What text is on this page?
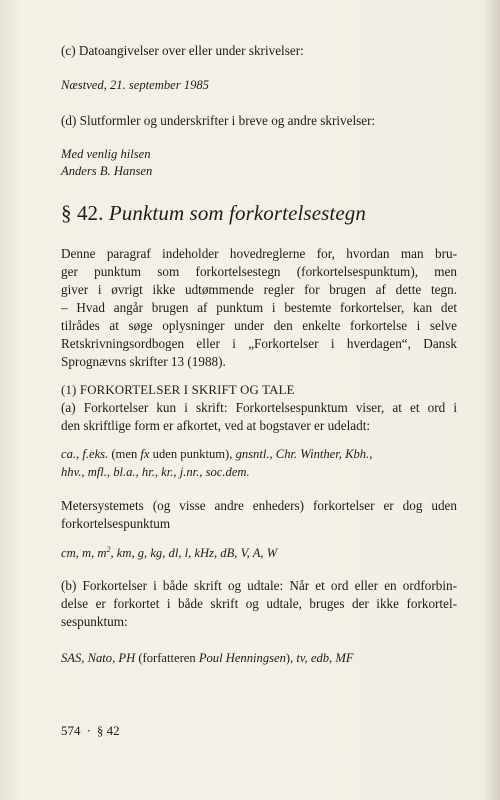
(c) Datoangivelser over eller under skrivelser:

Næstved, 21. september 1985

(d) Slutformler og underskrifter i breve og andre skrivelser:

Med venlig hilsen

Anders B. Hansen

§ 42. Punktum som forkortelsestegn
Denne paragraf indeholder hovedreglerne for, hvordan man bru-
ger punktum som forkortelsestegn (forkortelsespunktum), men
giver i øvrigt ikke udtømmende regler for brugen af dette tegn.
– Hvad angår brugen af punktum i bestemte forkortelser, kan det
tilrådes at søge oplysninger under den enkelte forkortelse i selve
Retskrivningsordbogen eller i „Forkortelser i hverdagen“, Dansk
Sprognævns skrifter 13 (1988).
(1) FORKORTELSER I SKRIFT OG TALE
(a) Forkortelser kun i skrift: Forkortelsespunktum viser, at et ord i
den skriftlige form er afkortet, ved at bogstaver er udeladt:
ca., f.eks. (men fx uden punktum), gnsntl., Chr. Winther, Kbh.,
hhv., mfl., bl.a., hr., kr., j.nr., soc.dem.
Metersystemets (og visse andre enheders) forkortelser er dog uden
forkortelsespunktum

cm, m, $m^2$, km, g, kg, dl, l, kHz, dB, V, A, W

(b) Forkortelser i både skrift og udtale: Når et ord eller en ordforbin-
delse er forkortet i både skrift og udtale, bruges der ikke forkortel-
sespunktum:

SAS, Nato, PH (forfatteren Poul Henningsen), tv, edb, MF

574 · § 42
